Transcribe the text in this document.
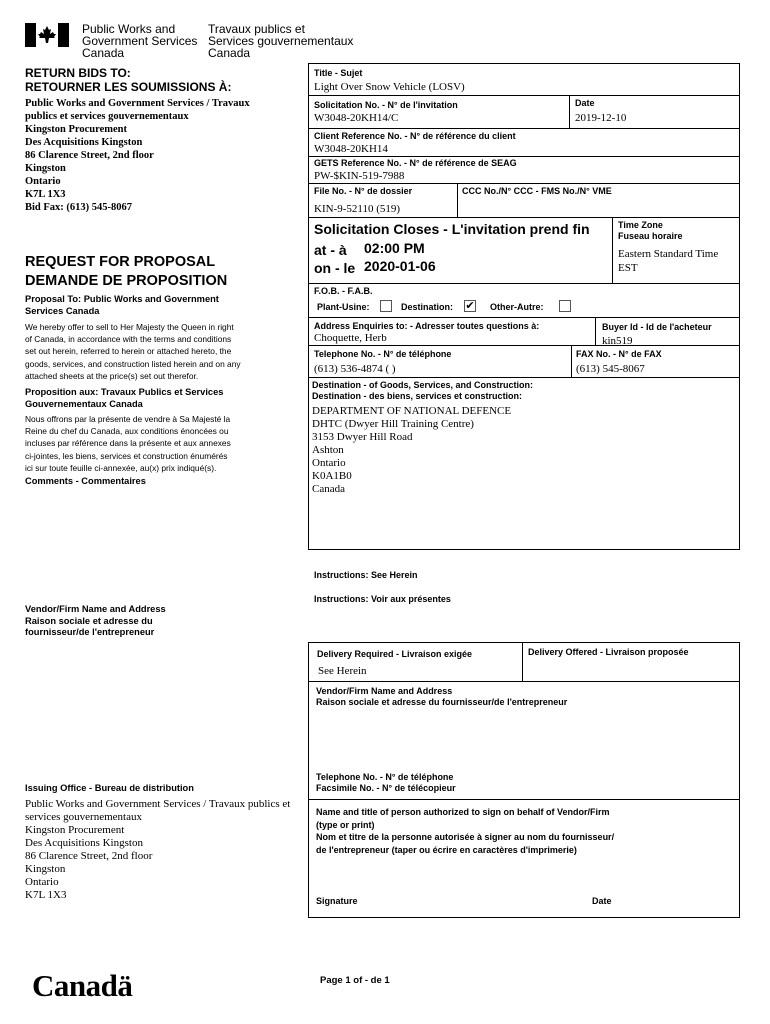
Public Works and
Government Services
Canada
Travaux publics et
Services gouvernementaux
Canada
RETURN BIDS TO:
RETOURNER LES SOUMISSIONS À:
Public Works and Government Services / Travaux
publics et services gouvernementaux
Kingston Procurement
Des Acquisitions Kingston
86 Clarence Street, 2nd floor
Kingston
Ontario
K7L 1X3
Bid Fax: (613) 545-8067
REQUEST FOR PROPOSAL
DEMANDE DE PROPOSITION
Proposal To: Public Works and Government
Services Canada
We hereby offer to sell to Her Majesty the Queen in right
of Canada, in accordance with the terms and conditions
set out herein, referred to herein or attached hereto, the
goods, services, and construction listed herein and on any
attached sheets at the price(s) set out therefor.
Proposition aux: Travaux Publics et Services
Gouvernementaux Canada
Nous offrons par la présente de vendre à Sa Majesté la
Reine du chef du Canada, aux conditions énoncées ou
incluses par référence dans la présente et aux annexes
ci-jointes, les biens, services et construction énumérés
ici sur toute feuille ci-annexée, au(x) prix indiqué(s).
Comments - Commentaires
Vendor/Firm Name and Address
Raison sociale et adresse du
fournisseur/de l'entrepreneur
Issuing Office - Bureau de distribution
Public Works and Government Services / Travaux publics et
services gouvernementaux
Kingston Procurement
Des Acquisitions Kingston
86 Clarence Street, 2nd floor
Kingston
Ontario
K7L 1X3
Title - Sujet
Light Over Snow Vehicle (LOSV)
Solicitation No. - N° de l'invitation
W3048-20KH14/C
Date
2019-12-10
Client Reference No. - N° de référence du client
W3048-20KH14
GETS Reference No. - N° de référence de SEAG
PW-$KIN-519-7988
File No. - N° de dossier
KIN-9-52110 (519)
CCC No./N° CCC - FMS No./N° VME
Solicitation Closes - L'invitation prend fin
at - à 02:00 PM
on - le 2020-01-06
Time Zone
Fuseau horaire
Eastern Standard Time
EST
F.O.B. - F.A.B.
Plant-Usine:	Destination: ✔ Other-Autre:
Address Enquiries to: - Adresser toutes questions à:
Choquette, Herb
Buyer Id - Id de l'acheteur
kin519
Telephone No. - N° de téléphone
(613) 536-4874 ( )
FAX No. - N° de FAX
(613) 545-8067
Destination - of Goods, Services, and Construction:
Destination - des biens, services et construction:
DEPARTMENT OF NATIONAL DEFENCE
DHTC (Dwyer Hill Training Centre)
3153 Dwyer Hill Road
Ashton
Ontario
K0A1B0
Canada
Instructions: See Herein
Instructions: Voir aux présentes
Delivery Required - Livraison exigée
See Herein
Delivery Offered - Livraison proposée
Vendor/Firm Name and Address
Raison sociale et adresse du fournisseur/de l'entrepreneur
Telephone No. - N° de téléphone
Facsimile No. - N° de télécopieur
Name and title of person authorized to sign on behalf of Vendor/Firm
(type or print)
Nom et titre de la personne autorisée à signer au nom du fournisseur/
de l'entrepreneur (taper ou écrire en caractères d'imprimerie)
Signature	Date
Canadä	Page 1 of - de 1
